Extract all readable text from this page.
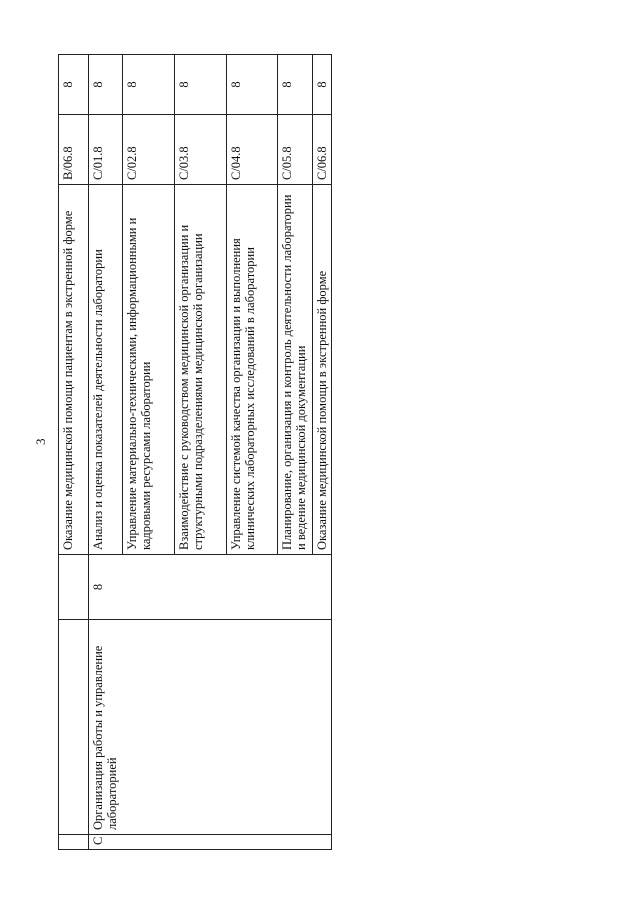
3
			Оказание медицинской помощи пациентам в экстренной форме	B/06.8	8
C	Организация работы и управление лабораторией	8	Анализ и оценка показателей деятельности лаборатории	C/01.8	8
			Управление материально-техническими, информационными и кадровыми ресурсами лаборатории	C/02.8	8
			Взаимодействие с руководством медицинской организации и структурными подразделениями медицинской организации	C/03.8	8
			Управление системой качества организации и выполнения клинических лабораторных исследований в лаборатории	C/04.8	8
			Планирование, организация и контроль деятельности лаборатории и ведение медицинской документации	C/05.8	8
			Оказание медицинской помощи в экстренной форме	C/06.8	8
